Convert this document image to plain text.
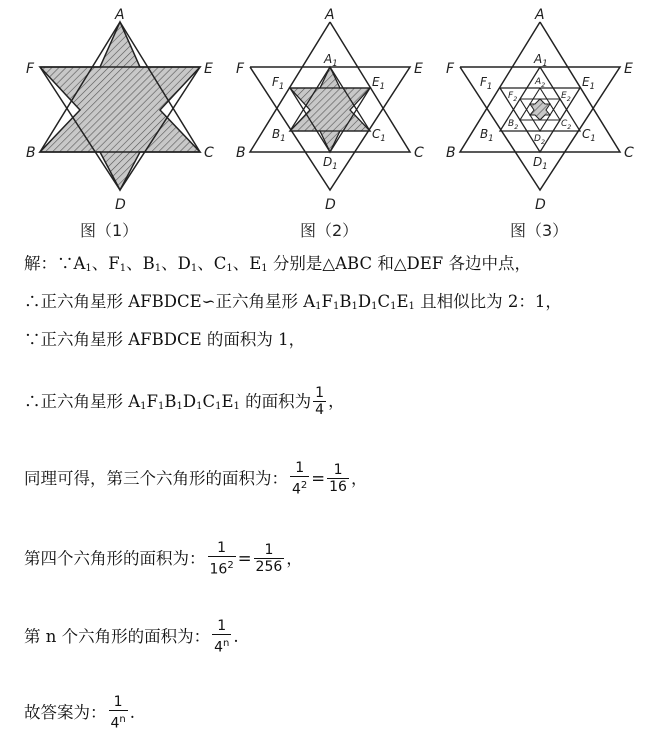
A
F	E
B	C
D
图（1）
A
F	E
B	C
D
$A_1$
$F_1$	$E_1$
$B_1$	$C_1$
$D_1$
图（2）
A
F	E
B	C
D
$A_1$
$F_1$	$E_1$
$B_1$	$C_1$
$D_1$
$A_2$
$F_2$	$E_2$
$B_2$	$C_2$
$D_2$
图（3）
解：$\because A_1$、$F_1$、$B_1$、$D_1$、$C_1$、$E_1$ 分别是△ABC 和△DEF 各边中点，
∴正六角星形 AFBDCE∽正六角星形 $A_1F_1B_1D_1C_1E_1$ 且相似比为 2：1，
∵正六角星形 AFBDCE 的面积为 1，
∴正六角星形 $A_1F_1B_1D_1C_1E_1$ 的面积为 $\frac{1}{4}$ ，
同理可得，第三个六角形的面积为： $\frac{1}{4^2} = \frac{1}{16}$ ，
第四个六角形的面积为： $\frac{1}{16^2} = \frac{1}{256}$ ，
第 n 个六角形的面积为： $\frac{1}{4^n}$ .
故答案为： $\frac{1}{4^n}$ .
